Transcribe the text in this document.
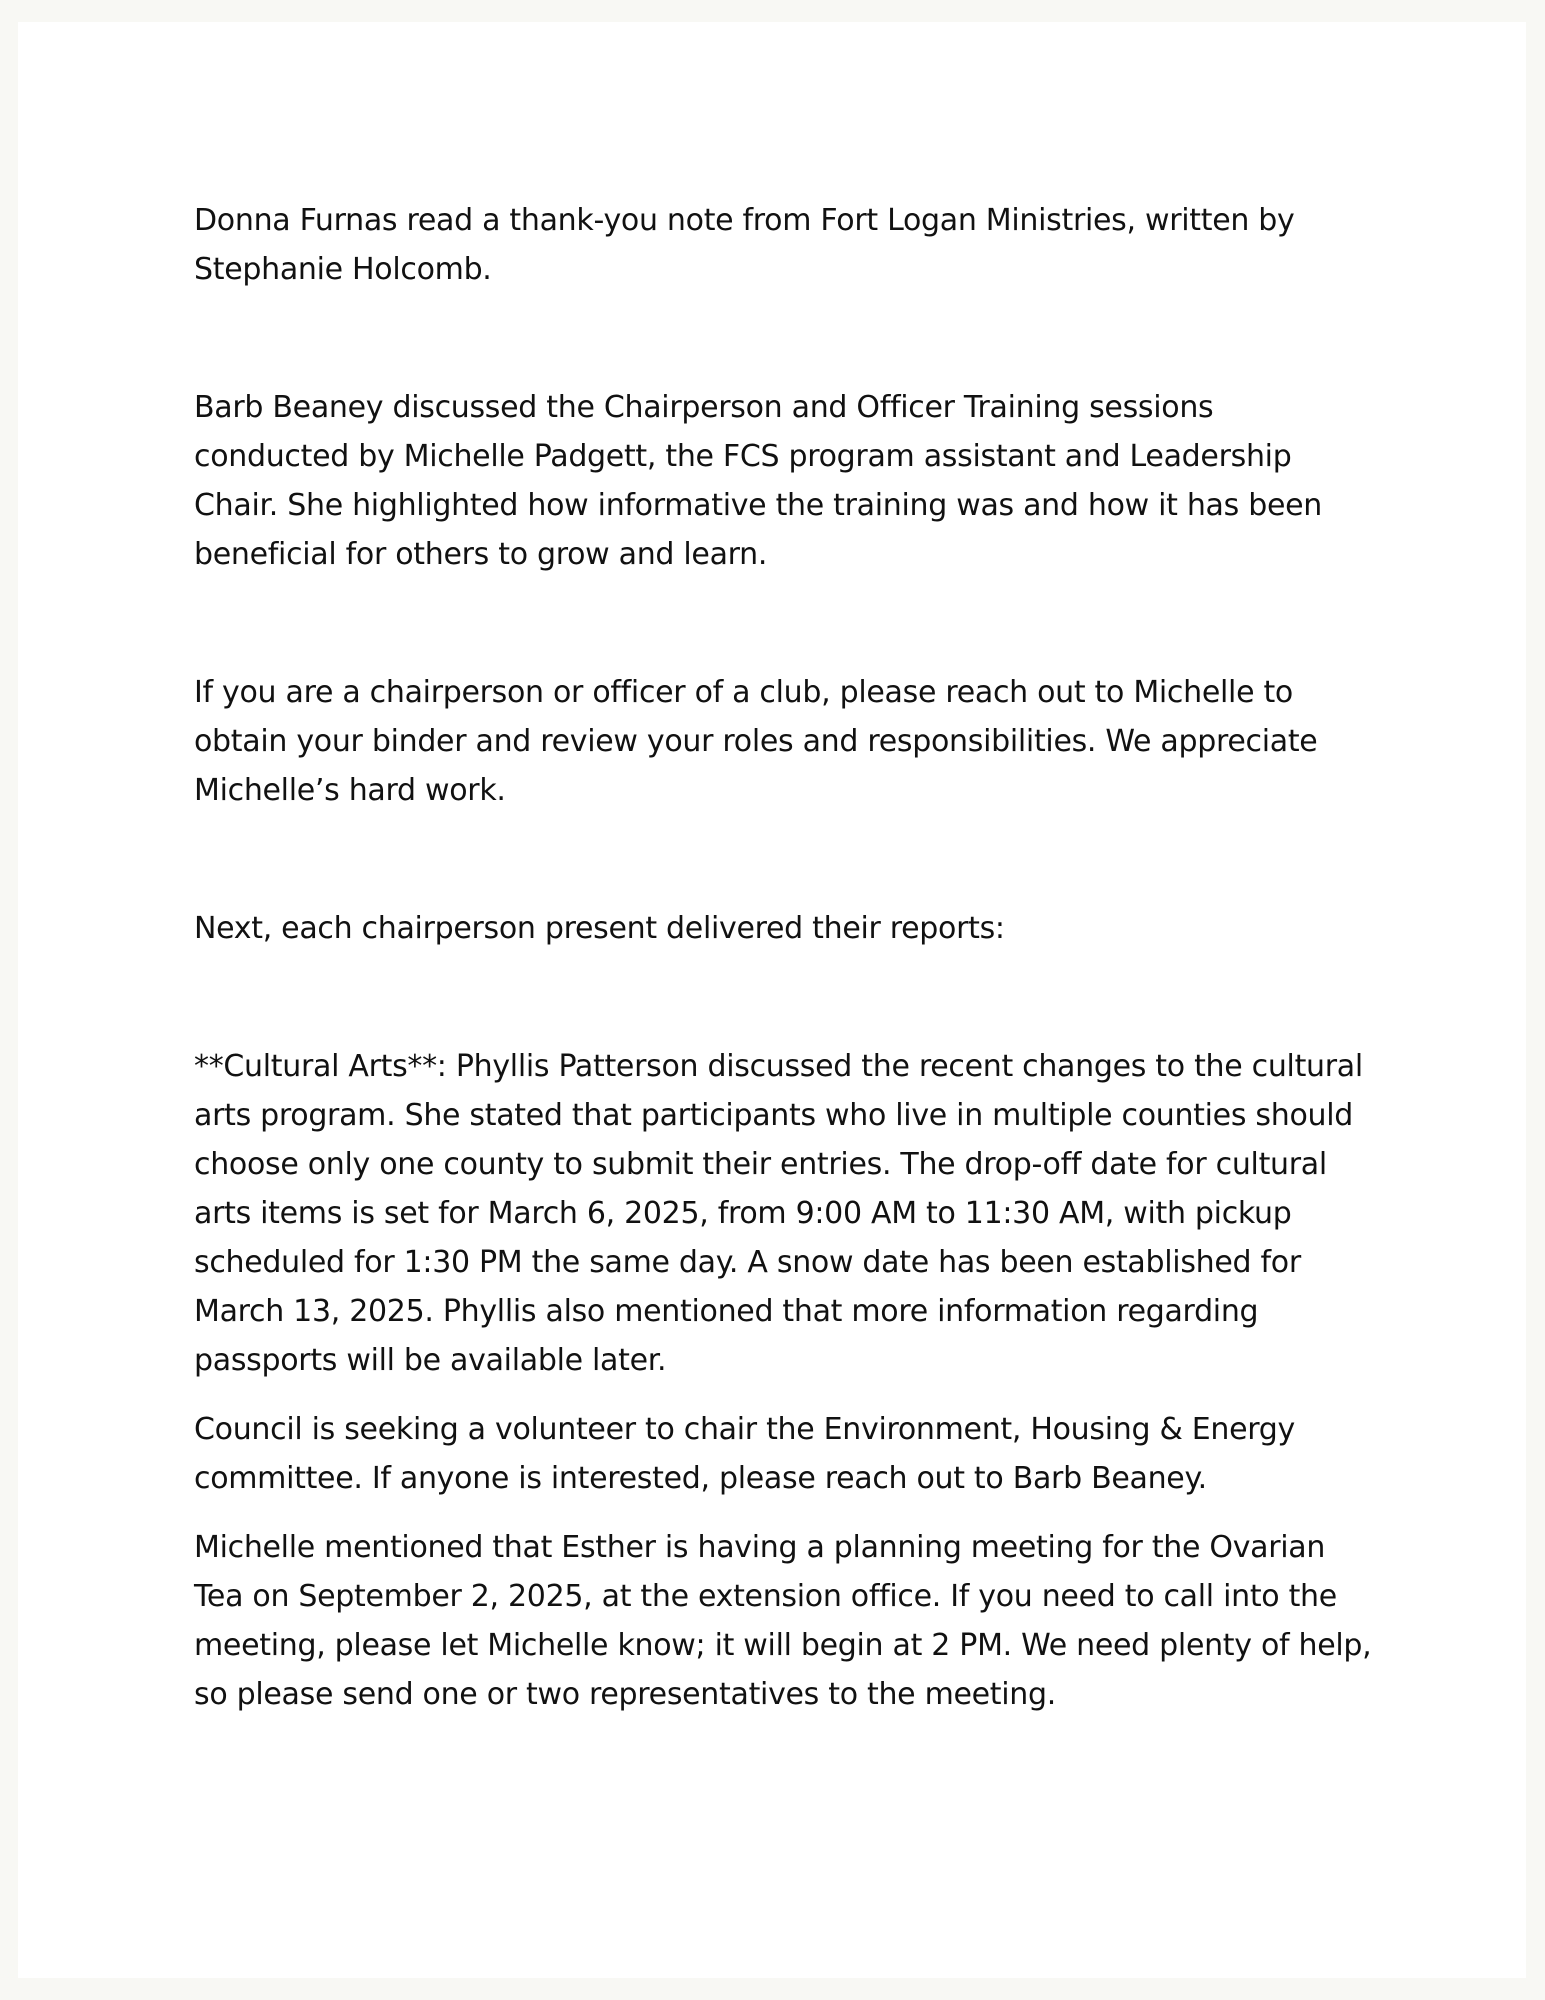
Donna Furnas read a thank-you note from Fort Logan Ministries, written by Stephanie Holcomb.

Barb Beaney discussed the Chairperson and Officer Training sessions conducted by Michelle Padgett, the FCS program assistant and Leadership Chair. She highlighted how informative the training was and how it has been beneficial for others to grow and learn.

If you are a chairperson or officer of a club, please reach out to Michelle to obtain your binder and review your roles and responsibilities. We appreciate Michelle’s hard work.

Next, each chairperson present delivered their reports:

**Cultural Arts**: Phyllis Patterson discussed the recent changes to the cultural arts program. She stated that participants who live in multiple counties should choose only one county to submit their entries. The drop-off date for cultural arts items is set for March 6, 2025, from 9:00 AM to 11:30 AM, with pickup scheduled for 1:30 PM the same day. A snow date has been established for March 13, 2025. Phyllis also mentioned that more information regarding passports will be available later.

Council is seeking a volunteer to chair the Environment, Housing & Energy committee. If anyone is interested, please reach out to Barb Beaney.

Michelle mentioned that Esther is having a planning meeting for the Ovarian Tea on September 2, 2025, at the extension office. If you need to call into the meeting, please let Michelle know; it will begin at 2 PM. We need plenty of help, so please send one or two representatives to the meeting.
